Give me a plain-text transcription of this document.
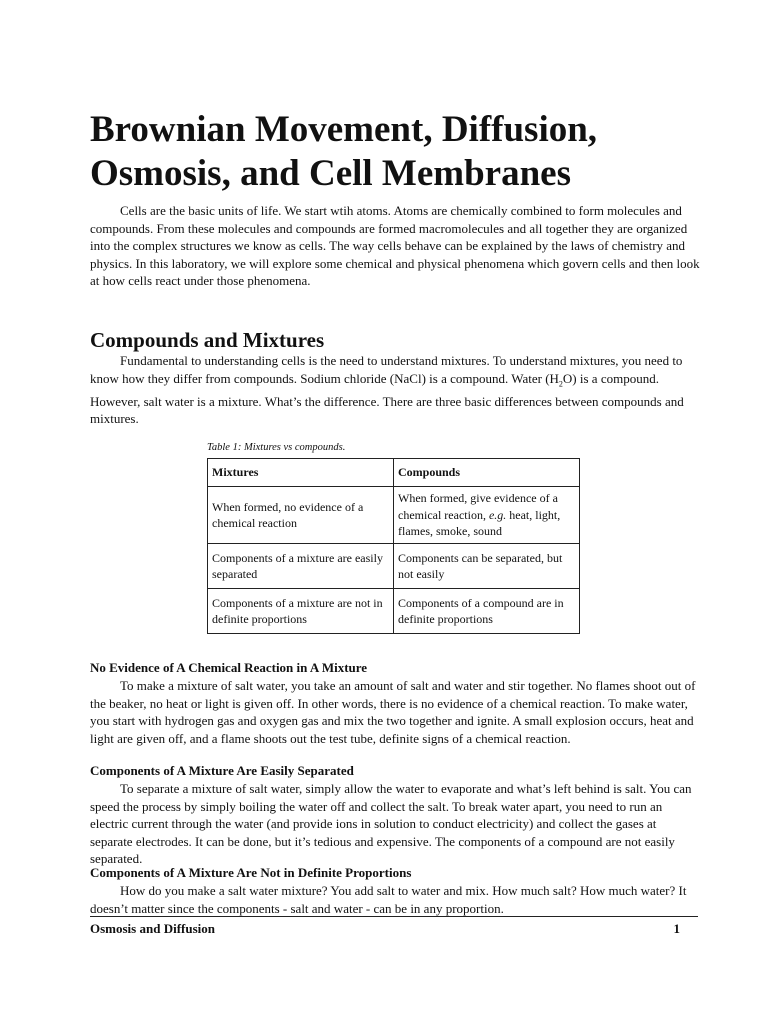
Brownian Movement, Diffusion, Osmosis, and Cell Membranes

Cells are the basic units of life. We start wtih atoms. Atoms are chemically combined to form molecules and compounds. From these molecules and compounds are formed macromolecules and all together they are organized into the complex structures we know as cells. The way cells behave can be explained by the laws of chemistry and physics. In this laboratory, we will explore some chemical and physical phenomena which govern cells and then look at how cells react under those phenomena.

Compounds and Mixtures

Fundamental to understanding cells is the need to understand mixtures. To understand mixtures, you need to know how they differ from compounds. Sodium chloride (NaCl) is a compound. Water $(H_2O)$ is a compound. However, salt water is a mixture. What’s the difference. There are three basic differences between compounds and mixtures.

Table 1: Mixtures vs compounds.
Mixtures	Compounds
When formed, no evidence of a chemical reaction	When formed, give evidence of a chemical reaction, e.g. heat, light, flames, smoke, sound
Components of a mixture are easily separated	Components can be separated, but not easily
Components of a mixture are not in definite proportions	Components of a compound are in definite proportions
No Evidence of A Chemical Reaction in A Mixture

To make a mixture of salt water, you take an amount of salt and water and stir together. No flames shoot out of the beaker, no heat or light is given off. In other words, there is no evidence of a chemical reaction. To make water, you start with hydrogen gas and oxygen gas and mix the two together and ignite. A small explosion occurs, heat and light are given off, and a flame shoots out the test tube, definite signs of a chemical reaction.

Components of A Mixture Are Easily Separated

To separate a mixture of salt water, simply allow the water to evaporate and what’s left behind is salt. You can speed the process by simply boiling the water off and collect the salt. To break water apart, you need to run an electric current through the water (and provide ions in solution to conduct electricity) and collect the gases at separate electrodes. It can be done, but it’s tedious and expensive. The components of a compound are not easily separated.

Components of A Mixture Are Not in Definite Proportions

How do you make a salt water mixture? You add salt to water and mix. How much salt? How much water? It doesn’t matter since the components - salt and water - can be in any proportion.

Osmosis and Diffusion	1
